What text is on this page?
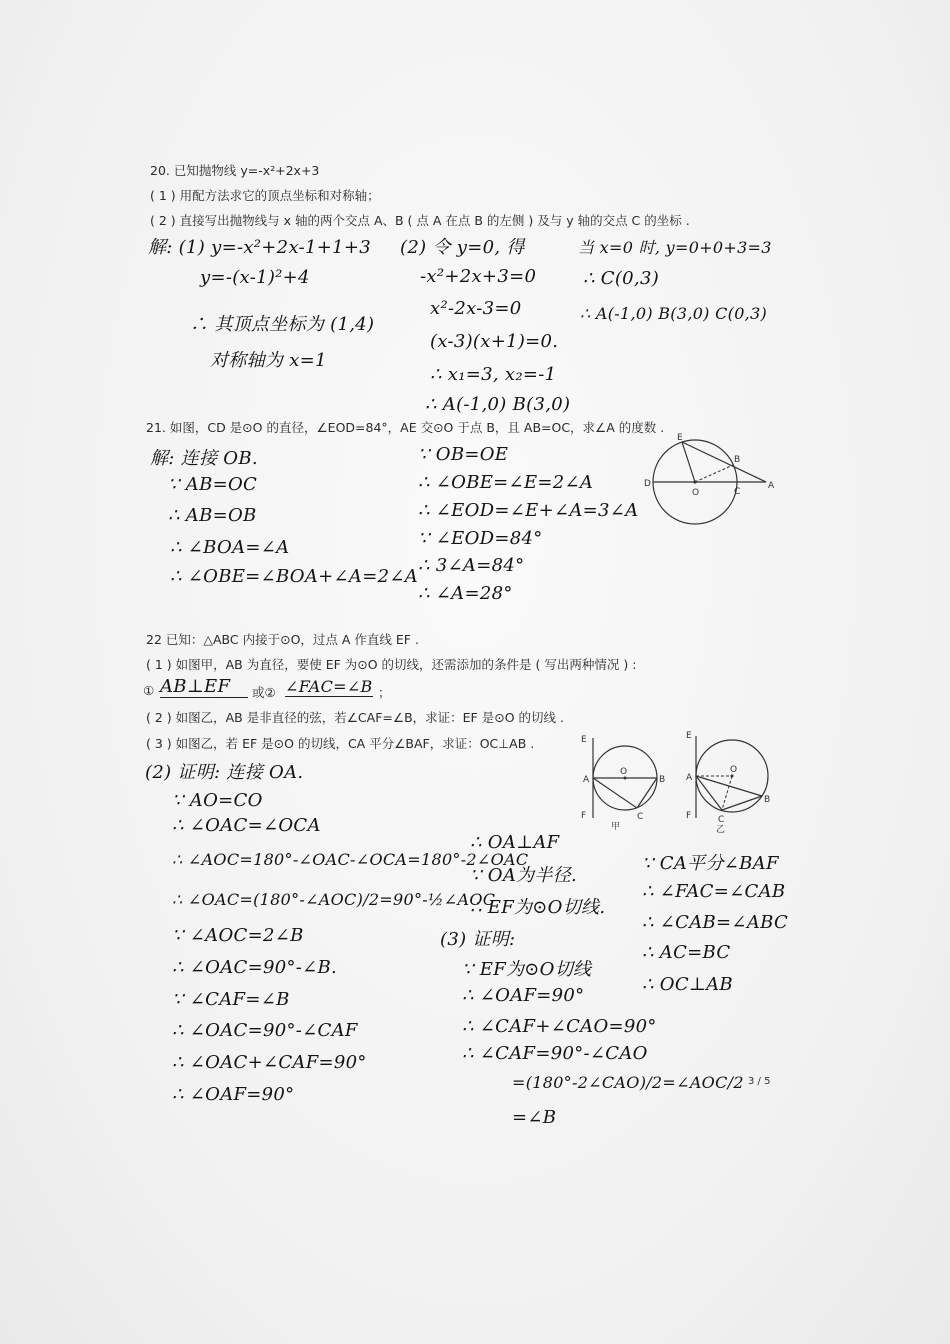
20. 已知抛物线 y=-x²+2x+3
( 1 ) 用配方法求它的顶点坐标和对称轴；
( 2 ) 直接写出抛物线与 x 轴的两个交点 A、B ( 点 A 在点 B 的左侧 ) 及与 y 轴的交点 C 的坐标 .
解: (1) y=-x²+2x-1+1+3
y=-(x-1)²+4
∴ 其顶点坐标为 (1,4)
对称轴为 x=1
(2) 令 y=0, 得
-x²+2x+3=0
x²-2x-3=0
(x-3)(x+1)=0.
∴ x₁=3, x₂=-1
∴ A(-1,0) B(3,0)
当 x=0 时, y=0+0+3=3
∴ C(0,3)
∴ A(-1,0) B(3,0) C(0,3)
21. 如图，CD 是⊙O 的直径，∠EOD=84°，AE 交⊙O 于点 B，且 AB=OC，求∠A 的度数 .
解: 连接 OB.
∵ AB=OC
∴ AB=OB
∴ ∠BOA=∠A
∴ ∠OBE=∠BOA+∠A=2∠A
∵ OB=OE
∴ ∠OBE=∠E=2∠A
∴ ∠EOD=∠E+∠A=3∠A
∵ ∠EOD=84°
∴ 3∠A=84°
∴ ∠A=28°
E
B
D
O	C
A
22 已知：△ABC 内接于⊙O，过点 A 作直线 EF .
( 1 ) 如图甲，AB 为直径，要使 EF 为⊙O 的切线，还需添加的条件是 ( 写出两种情况 ) :
① AB⊥EF	或② ∠FAC=∠B ；
( 2 ) 如图乙，AB 是非直径的弦，若∠CAF=∠B，求证：EF 是⊙O 的切线 .
( 3 ) 如图乙，若 EF 是⊙O 的切线，CA 平分∠BAF，求证：OC⊥AB .
(2) 证明: 连接 OA.
∵ AO=CO
∴ ∠OAC=∠OCA
∴ ∠AOC=180°-∠OAC-∠OCA=180°-2∠OAC
∴ ∠OAC=(180°-∠AOC)/2=90°-½∠AOC
∵ ∠AOC=2∠B
∴ ∠OAC=90°-∠B.
∵ ∠CAF=∠B
∴ ∠OAC=90°-∠CAF
∴ ∠OAC+∠CAF=90°
∴ ∠OAF=90°
∴ OA⊥AF
∵ OA为半径.
∴ EF为⊙O切线.
(3) 证明:
∵ EF为⊙O切线
∴ ∠OAF=90°
∴ ∠CAF+∠CAO=90°
∴ ∠CAF=90°-∠CAO
=(180°-2∠CAO)/2=∠AOC/2
=∠B
∵ CA平分∠BAF
∴ ∠FAC=∠CAB
∴ ∠CAB=∠ABC
∴ AC=BC
∴ OC⊥AB
E
A
O
B
F	C
甲
E
A
O
B
F	C
乙
3 / 5
